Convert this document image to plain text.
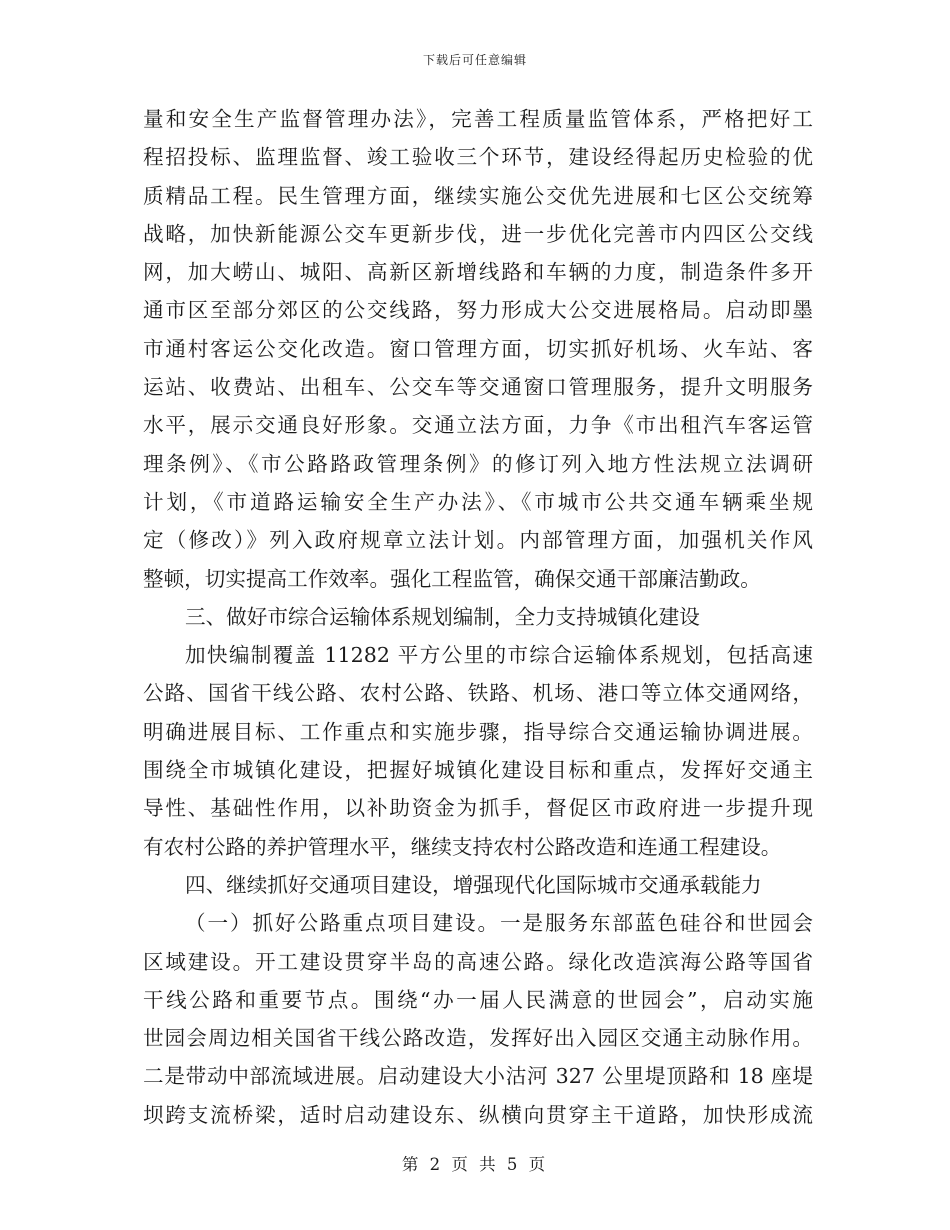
下载后可任意编辑
量和安全生产监督管理办法》，完善工程质量监管体系，严格把好工
程招投标、监理监督、竣工验收三个环节，建设经得起历史检验的优
质精品工程。民生管理方面，继续实施公交优先进展和七区公交统筹
战略，加快新能源公交车更新步伐，进一步优化完善市内四区公交线
网，加大崂山、城阳、高新区新增线路和车辆的力度，制造条件多开
通市区至部分郊区的公交线路，努力形成大公交进展格局。启动即墨
市通村客运公交化改造。窗口管理方面，切实抓好机场、火车站、客
运站、收费站、出租车、公交车等交通窗口管理服务，提升文明服务
水平，展示交通良好形象。交通立法方面，力争《市出租汽车客运管
理条例》、《市公路路政管理条例》的修订列入地方性法规立法调研
计划，《市道路运输安全生产办法》、《市城市公共交通车辆乘坐规
定（修改）》列入政府规章立法计划。内部管理方面，加强机关作风
整顿，切实提高工作效率。强化工程监管，确保交通干部廉洁勤政。
三、做好市综合运输体系规划编制，全力支持城镇化建设
加快编制覆盖 11282 平方公里的市综合运输体系规划，包括高速
公路、国省干线公路、农村公路、铁路、机场、港口等立体交通网络，
明确进展目标、工作重点和实施步骤，指导综合交通运输协调进展。
围绕全市城镇化建设，把握好城镇化建设目标和重点，发挥好交通主
导性、基础性作用，以补助资金为抓手，督促区市政府进一步提升现
有农村公路的养护管理水平，继续支持农村公路改造和连通工程建设。
四、继续抓好交通项目建设，增强现代化国际城市交通承载能力
（一）抓好公路重点项目建设。一是服务东部蓝色硅谷和世园会
区域建设。开工建设贯穿半岛的高速公路。绿化改造滨海公路等国省
干线公路和重要节点。围绕“办一届人民满意的世园会”，启动实施
世园会周边相关国省干线公路改造，发挥好出入园区交通主动脉作用。
二是带动中部流域进展。启动建设大小沽河 327 公里堤顶路和 18 座堤
坝跨支流桥梁，适时启动建设东、纵横向贯穿主干道路，加快形成流
第 2 页 共 5 页
